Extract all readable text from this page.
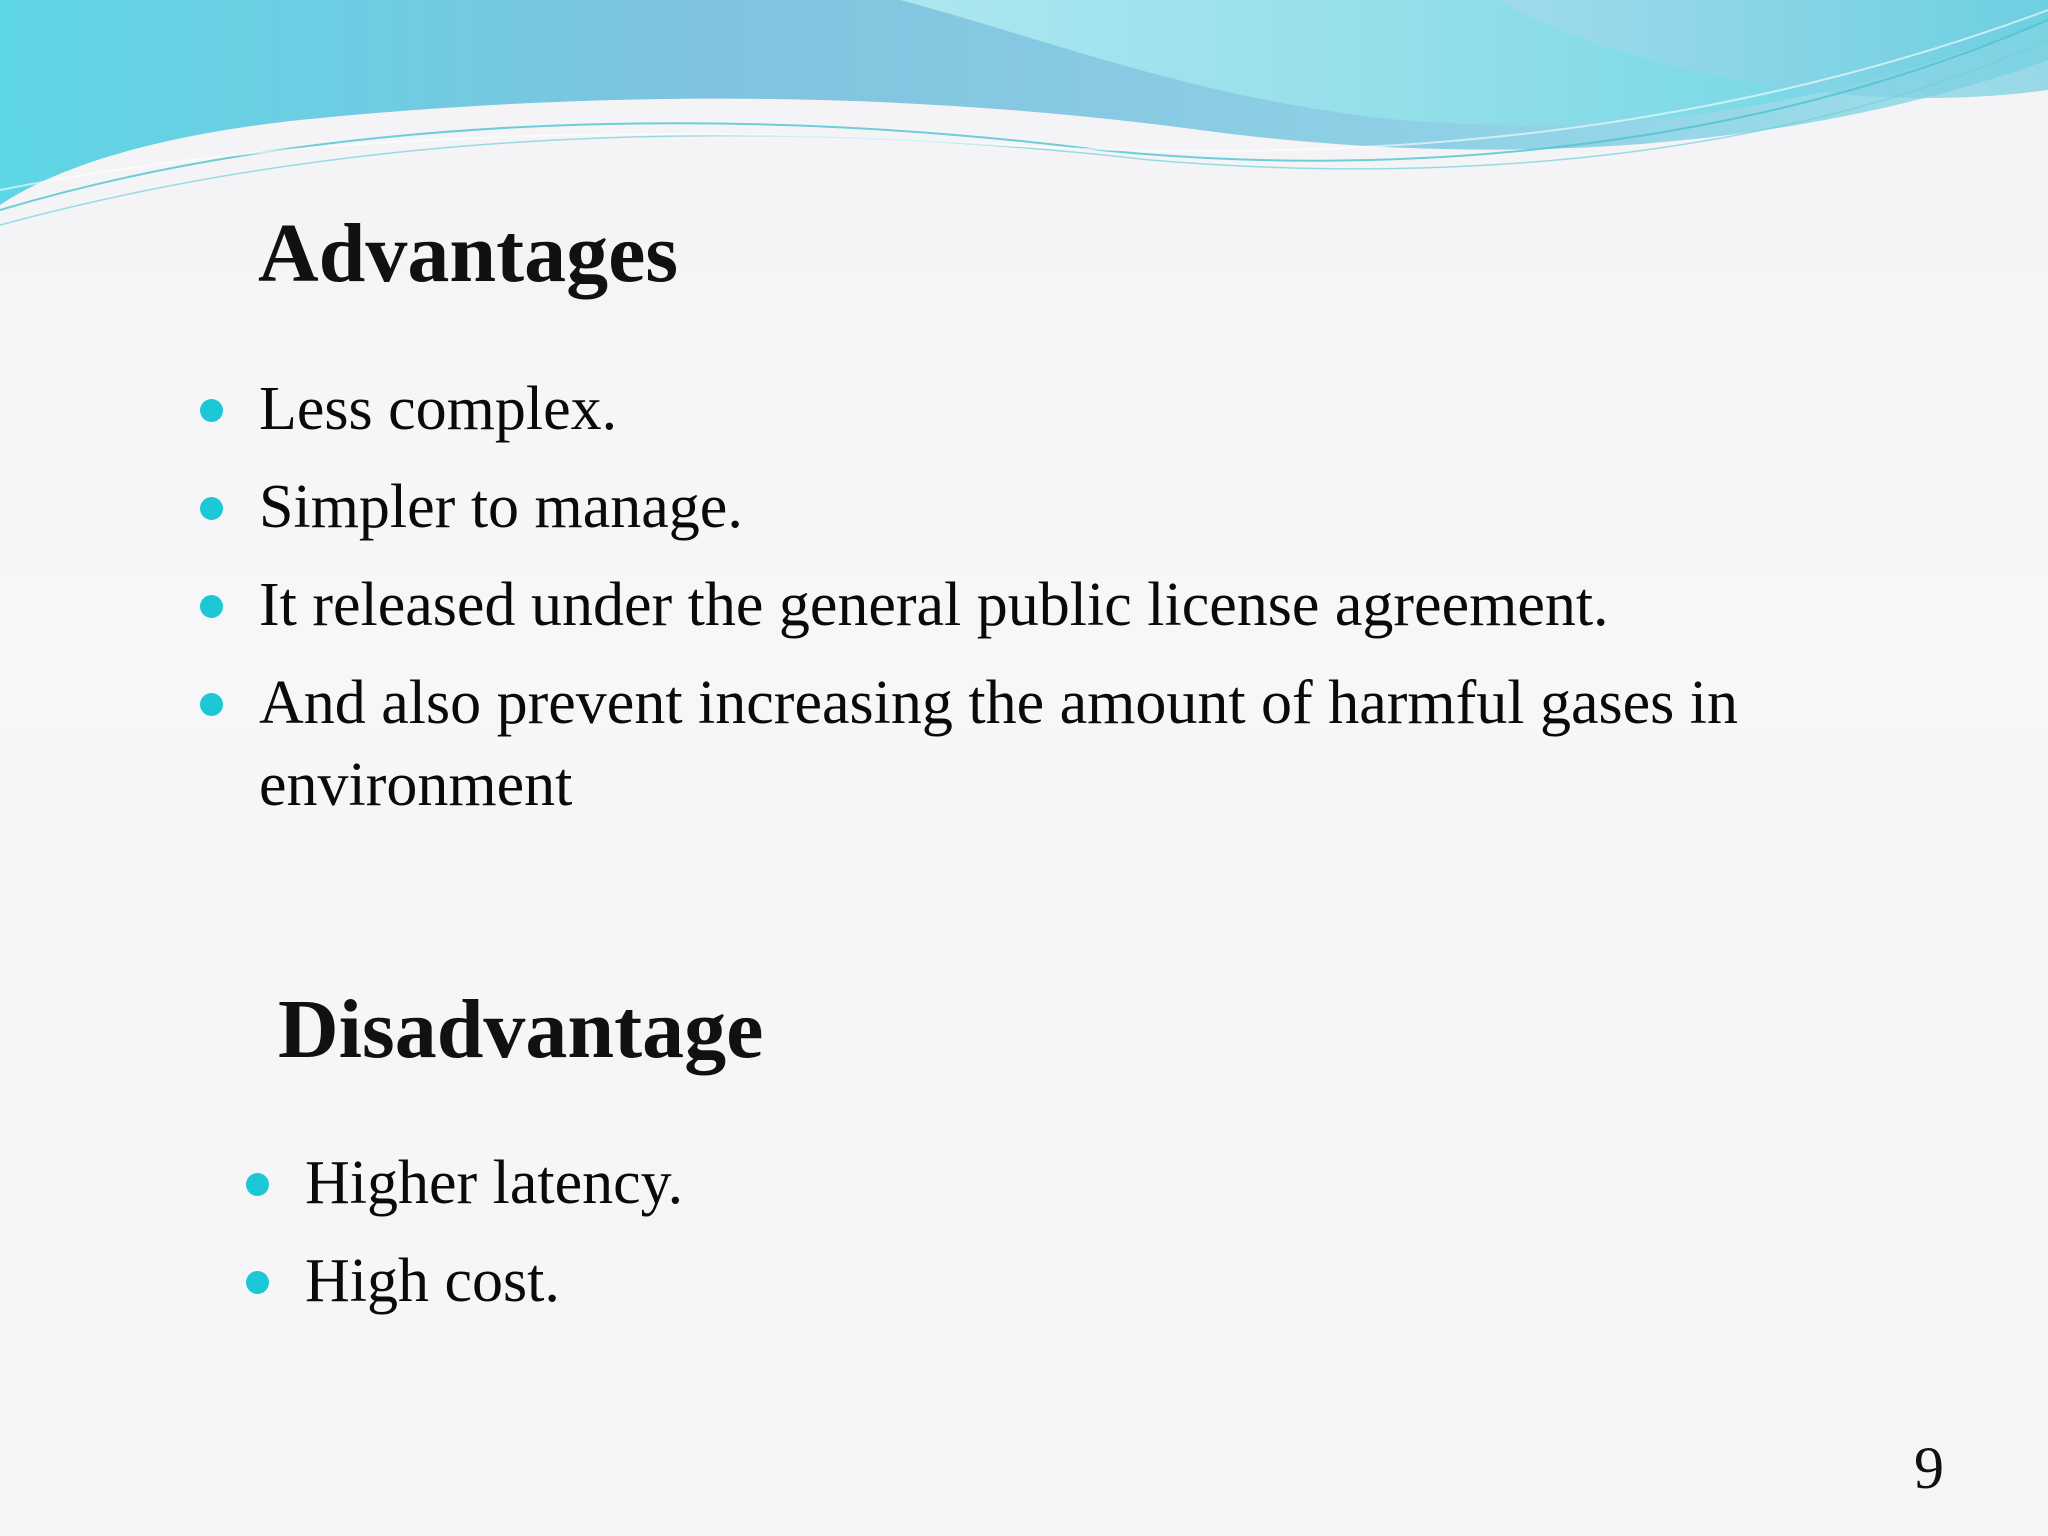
Advantages
Less complex.
Simpler to manage.
It released under the general public license agreement.
And also prevent increasing the amount of harmful gases in environment
Disadvantage
Higher latency.
High cost.
9
